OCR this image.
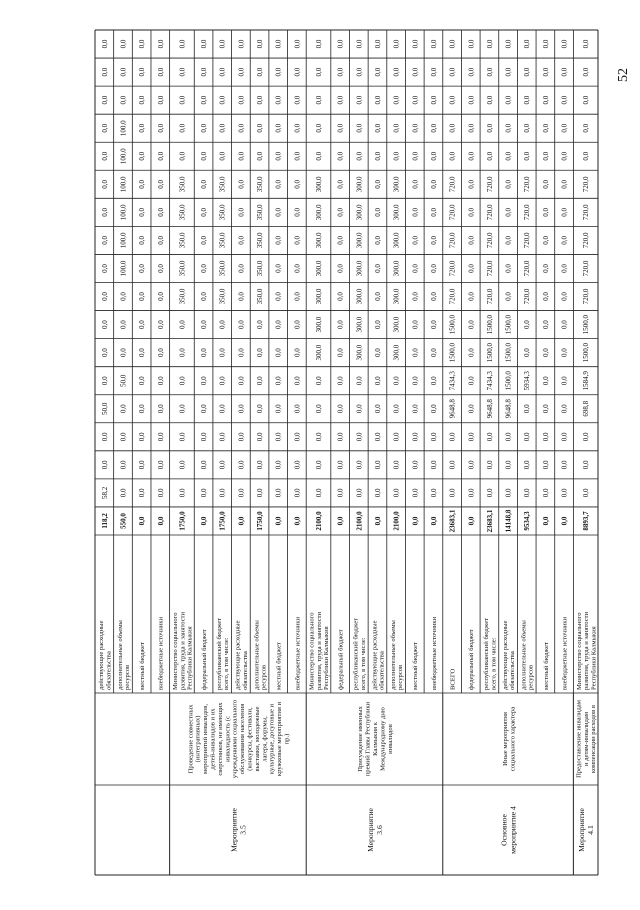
действующие расходные обязательства
118,2
58,2
0,0
0,0
50,0
0,0
0,0
0,0
0,0
0,0
0,0
0,0
0,0
0,0
0,0
0,0
0,0
0,0
дополнительные объемы ресурсов
550,0
0,0
0,0
0,0
0,0
50,0
0,0
0,0
0,0
100,0
100,0
100,0
100,0
100,0
100,0
0,0
0,0
0,0
местный бюджет
0,0
0,0
0,0
0,0
0,0
0,0
0,0
0,0
0,0
0,0
0,0
0,0
0,0
0,0
0,0
0,0
0,0
0,0
внебюджетные источники
0,0
0,0
0,0
0,0
0,0
0,0
0,0
0,0
0,0
0,0
0,0
0,0
0,0
0,0
0,0
0,0
0,0
0,0
Министерство социального развития, труда и занятости Республики Калмыкия
1750,0
0,0
0,0
0,0
0,0
0,0
0,0
0,0
350,0
350,0
350,0
350,0
350,0
0,0
0,0
0,0
0,0
0,0
федеральный бюджет
0,0
0,0
0,0
0,0
0,0
0,0
0,0
0,0
0,0
0,0
0,0
0,0
0,0
0,0
0,0
0,0
0,0
0,0
республиканский бюджет всего, в том числе:
1750,0
0,0
0,0
0,0
0,0
0,0
0,0
0,0
350,0
350,0
350,0
350,0
350,0
0,0
0,0
0,0
0,0
0,0
действующие расходные обязательства
0,0
0,0
0,0
0,0
0,0
0,0
0,0
0,0
0,0
0,0
0,0
0,0
0,0
0,0
0,0
0,0
0,0
0,0
дополнительные объемы ресурсов
1750,0
0,0
0,0
0,0
0,0
0,0
0,0
0,0
350,0
350,0
350,0
350,0
350,0
0,0
0,0
0,0
0,0
0,0
местный бюджет
0,0
0,0
0,0
0,0
0,0
0,0
0,0
0,0
0,0
0,0
0,0
0,0
0,0
0,0
0,0
0,0
0,0
0,0
внебюджетные источники
0,0
0,0
0,0
0,0
0,0
0,0
0,0
0,0
0,0
0,0
0,0
0,0
0,0
0,0
0,0
0,0
0,0
0,0
Мероприятие 3.5
Проведение совместных (интегративных) мероприятий инвалидов, детей-инвалидов и их сверстников, не имеющих инвалидность (с учреждениями социального обслуживания населения (конкурсы, фестивали, выставки, молодежные лагеря, форумы, культурные, досуговые и кружковые мероприятия и пр.)
Министерство социального развития, труда и занятости Республики Калмыкия
2100,0
0,0
0,0
0,0
0,0
0,0
300,0
300,0
300,0
300,0
300,0
300,0
300,0
0,0
0,0
0,0
0,0
0,0
федеральный бюджет
0,0
0,0
0,0
0,0
0,0
0,0
0,0
0,0
0,0
0,0
0,0
0,0
0,0
0,0
0,0
0,0
0,0
0,0
республиканский бюджет всего, в том числе:
2100,0
0,0
0,0
0,0
0,0
0,0
300,0
300,0
300,0
300,0
300,0
300,0
300,0
0,0
0,0
0,0
0,0
0,0
действующие расходные обязательства
0,0
0,0
0,0
0,0
0,0
0,0
0,0
0,0
0,0
0,0
0,0
0,0
0,0
0,0
0,0
0,0
0,0
0,0
дополнительные объемы ресурсов
2100,0
0,0
0,0
0,0
0,0
0,0
300,0
300,0
300,0
300,0
300,0
300,0
300,0
0,0
0,0
0,0
0,0
0,0
местный бюджет
0,0
0,0
0,0
0,0
0,0
0,0
0,0
0,0
0,0
0,0
0,0
0,0
0,0
0,0
0,0
0,0
0,0
0,0
внебюджетные источники
0,0
0,0
0,0
0,0
0,0
0,0
0,0
0,0
0,0
0,0
0,0
0,0
0,0
0,0
0,0
0,0
0,0
0,0
Мероприятие 3.6
Присуждение именных премий Главы Республики Калмыкия к Международному дню инвалидов
ВСЕГО
23683,1
0,0
0,0
0,0
9648,8
7434,3
1500,0
1500,0
720,0
720,0
720,0
720,0
720,0
0,0
0,0
0,0
0,0
0,0
федеральный бюджет
0,0
0,0
0,0
0,0
0,0
0,0
0,0
0,0
0,0
0,0
0,0
0,0
0,0
0,0
0,0
0,0
0,0
0,0
республиканский бюджет всего, в том числе:
23683,1
0,0
0,0
0,0
9648,8
7434,3
1500,0
1500,0
720,0
720,0
720,0
720,0
720,0
0,0
0,0
0,0
0,0
0,0
действующие расходные обязательства
14148,8
0,0
0,0
0,0
9648,8
1500,0
1500,0
1500,0
0,0
0,0
0,0
0,0
0,0
0,0
0,0
0,0
0,0
0,0
дополнительные объемы ресурсов
9534,3
0,0
0,0
0,0
0,0
5934,3
0,0
0,0
720,0
720,0
720,0
720,0
720,0
0,0
0,0
0,0
0,0
0,0
местный бюджет
0,0
0,0
0,0
0,0
0,0
0,0
0,0
0,0
0,0
0,0
0,0
0,0
0,0
0,0
0,0
0,0
0,0
0,0
внебюджетные источники
0,0
0,0
0,0
0,0
0,0
0,0
0,0
0,0
0,0
0,0
0,0
0,0
0,0
0,0
0,0
0,0
0,0
0,0
Основное мероприятие 4
Иные мероприятия социального характера
Министерство социального развития, труда и занятости Республики Калмыкия
8893,7
0,0
0,0
0,0
698,8
1584,9
1500,0
1500,0
720,0
720,0
720,0
720,0
720,0
0,0
0,0
0,0
0,0
0,0
Мероприятие 4.1
Предоставление инвалидам и детям-инвалидам компенсации расходов в
52
